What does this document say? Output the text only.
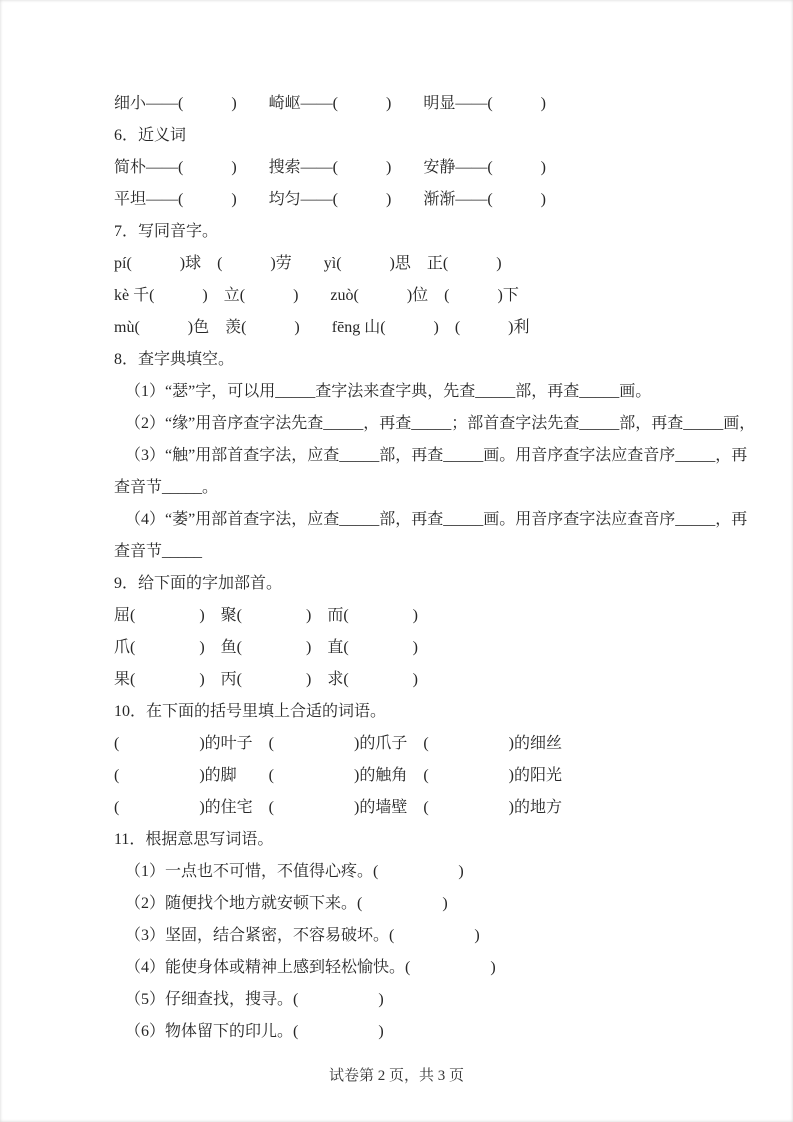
细小——(　　　)　　崎岖——(　　　)　　明显——(　　　)
6．近义词
简朴——(　　　)　　搜索——(　　　)　　安静——(　　　)
平坦——(　　　)　　均匀——(　　　)　　渐渐——(　　　)
7．写同音字。
pí(　　　)球　(　　　)劳　　yì(　　　)思　正(　　　)
kè 千(　　　)　立(　　　)　　zuò(　　　)位　(　　　)下
mù(　　　)色　羡(　　　)　　fēng 山(　　　)　(　　　)利
8．查字典填空。
（1）“瑟”字，可以用_____查字法来查字典，先查_____部，再查_____画。
（2）“缘”用音序查字法先查_____，再查_____；部首查字法先查_____部，再查_____画，
（3）“触”用部首查字法，应查_____部，再查_____画。用音序查字法应查音序_____，再
查音节_____。
（4）“萎”用部首查字法，应查_____部，再查_____画。用音序查字法应查音序_____，再
查音节_____
9．给下面的字加部首。
屈(　　　　)　聚(　　　　)　而(　　　　)
爪(　　　　)　鱼(　　　　)　直(　　　　)
果(　　　　)　丙(　　　　)　求(　　　　)
10．在下面的括号里填上合适的词语。
(　　　　　)的叶子　(　　　　　)的爪子　(　　　　　)的细丝
(　　　　　)的脚　　(　　　　　)的触角　(　　　　　)的阳光
(　　　　　)的住宅　(　　　　　)的墙壁　(　　　　　)的地方
11．根据意思写词语。
（1）一点也不可惜，不值得心疼。(　　　　　)
（2）随便找个地方就安顿下来。(　　　　　)
（3）坚固，结合紧密，不容易破坏。(　　　　　)
（4）能使身体或精神上感到轻松愉快。(　　　　　)
（5）仔细查找，搜寻。(　　　　　)
（6）物体留下的印儿。(　　　　　)
试卷第 2 页，共 3 页
